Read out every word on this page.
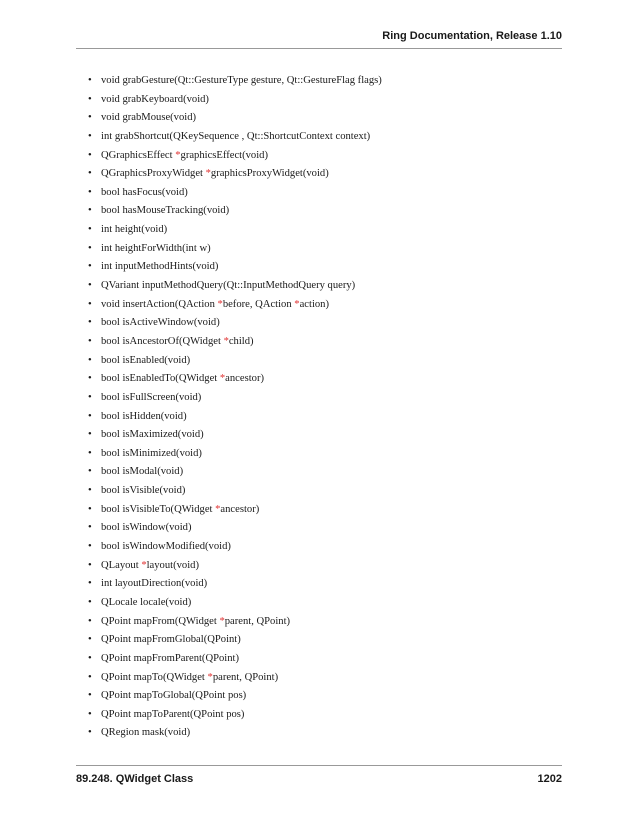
Ring Documentation, Release 1.10
• void grabGesture(Qt::GestureType gesture, Qt::GestureFlag flags)
• void grabKeyboard(void)
• void grabMouse(void)
• int grabShortcut(QKeySequence , Qt::ShortcutContext context)
• QGraphicsEffect *graphicsEffect(void)
• QGraphicsProxyWidget *graphicsProxyWidget(void)
• bool hasFocus(void)
• bool hasMouseTracking(void)
• int height(void)
• int heightForWidth(int w)
• int inputMethodHints(void)
• QVariant inputMethodQuery(Qt::InputMethodQuery query)
• void insertAction(QAction *before, QAction *action)
• bool isActiveWindow(void)
• bool isAncestorOf(QWidget *child)
• bool isEnabled(void)
• bool isEnabledTo(QWidget *ancestor)
• bool isFullScreen(void)
• bool isHidden(void)
• bool isMaximized(void)
• bool isMinimized(void)
• bool isModal(void)
• bool isVisible(void)
• bool isVisibleTo(QWidget *ancestor)
• bool isWindow(void)
• bool isWindowModified(void)
• QLayout *layout(void)
• int layoutDirection(void)
• QLocale locale(void)
• QPoint mapFrom(QWidget *parent, QPoint)
• QPoint mapFromGlobal(QPoint)
• QPoint mapFromParent(QPoint)
• QPoint mapTo(QWidget *parent, QPoint)
• QPoint mapToGlobal(QPoint pos)
• QPoint mapToParent(QPoint pos)
• QRegion mask(void)
89.248. QWidget Class	1202
